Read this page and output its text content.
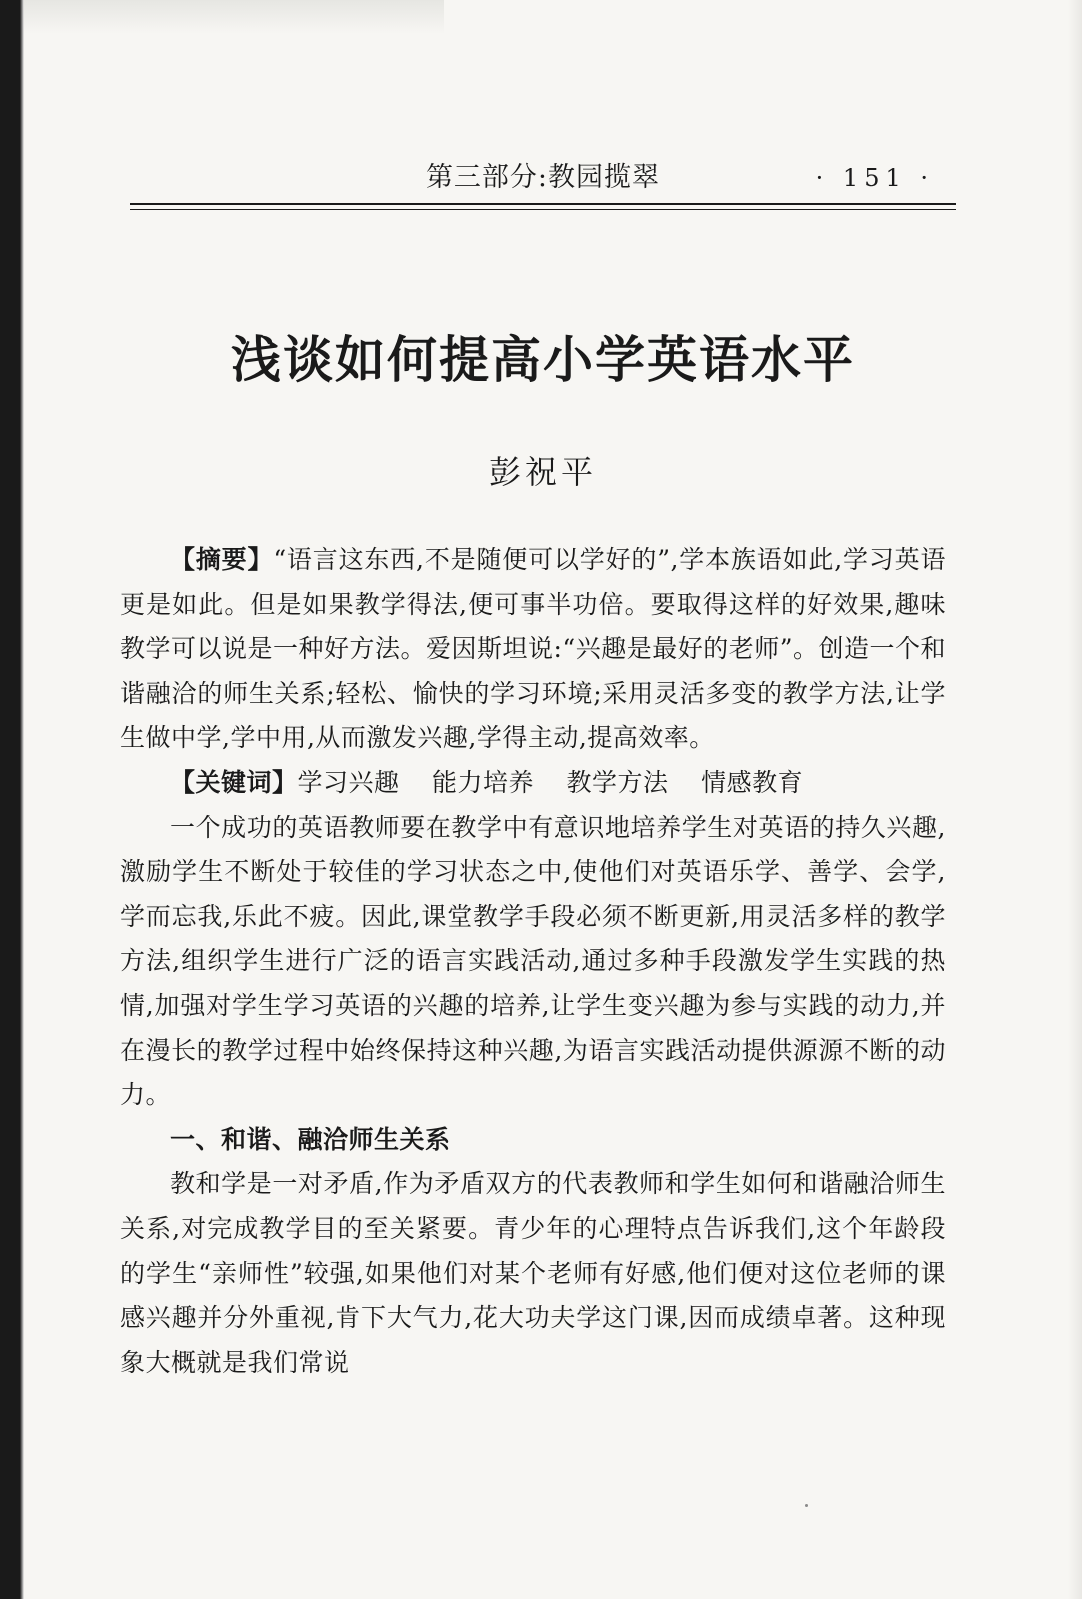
第三部分:教园揽翠	· 151 ·
浅谈如何提高小学英语水平
彭祝平

【摘要】“语言这东西,不是随便可以学好的”,学本族语如此,学习英语更是如此。但是如果教学得法,便可事半功倍。要取得这样的好效果,趣味教学可以说是一种好方法。爱因斯坦说:“兴趣是最好的老师”。创造一个和谐融洽的师生关系;轻松、愉快的学习环境;采用灵活多变的教学方法,让学生做中学,学中用,从而激发兴趣,学得主动,提高效率。

【关键词】学习兴趣 能力培养 教学方法 情感教育

一个成功的英语教师要在教学中有意识地培养学生对英语的持久兴趣,激励学生不断处于较佳的学习状态之中,使他们对英语乐学、善学、会学,学而忘我,乐此不疲。因此,课堂教学手段必须不断更新,用灵活多样的教学方法,组织学生进行广泛的语言实践活动,通过多种手段激发学生实践的热情,加强对学生学习英语的兴趣的培养,让学生变兴趣为参与实践的动力,并在漫长的教学过程中始终保持这种兴趣,为语言实践活动提供源源不断的动力。

一、和谐、融洽师生关系

教和学是一对矛盾,作为矛盾双方的代表教师和学生如何和谐融洽师生关系,对完成教学目的至关紧要。青少年的心理特点告诉我们,这个年龄段的学生“亲师性”较强,如果他们对某个老师有好感,他们便对这位老师的课感兴趣并分外重视,肯下大气力,花大功夫学这门课,因而成绩卓著。这种现象大概就是我们常说
